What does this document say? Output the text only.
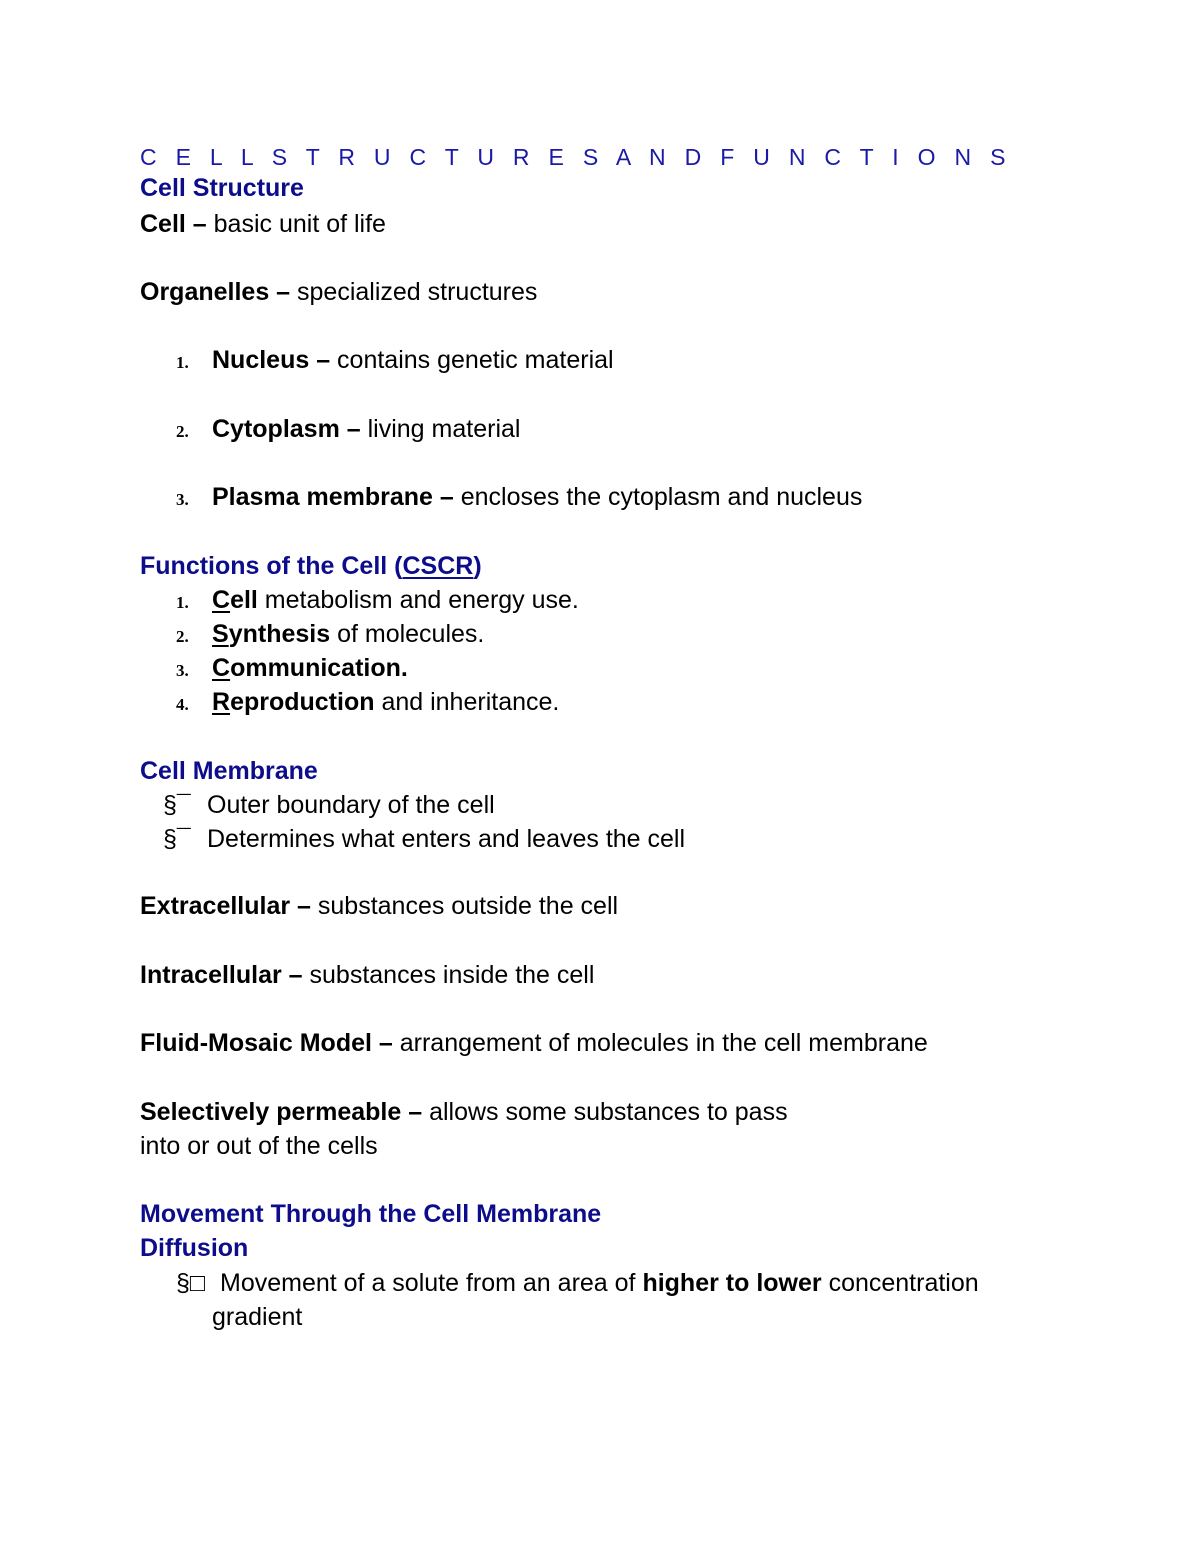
C E L L S T R U C T U R E S A N D F U N C T I O N S
Cell Structure
Cell – basic unit of life
Organelles – specialized structures
1. Nucleus – contains genetic material
2. Cytoplasm – living material
3. Plasma membrane – encloses the cytoplasm and nucleus
Functions of the Cell (CSCR)
1. Cell metabolism and energy use.
2. Synthesis of molecules.
3. Communication.
4. Reproduction and inheritance.
Cell Membrane
§¯ Outer boundary of the cell
§¯ Determines what enters and leaves the cell
Extracellular – substances outside the cell
Intracellular – substances inside the cell
Fluid-Mosaic Model – arrangement of molecules in the cell membrane
Selectively permeable – allows some substances to pass
into or out of the cells
Movement Through the Cell Membrane
Diffusion
§□ Movement of a solute from an area of higher to lower concentration
gradient
